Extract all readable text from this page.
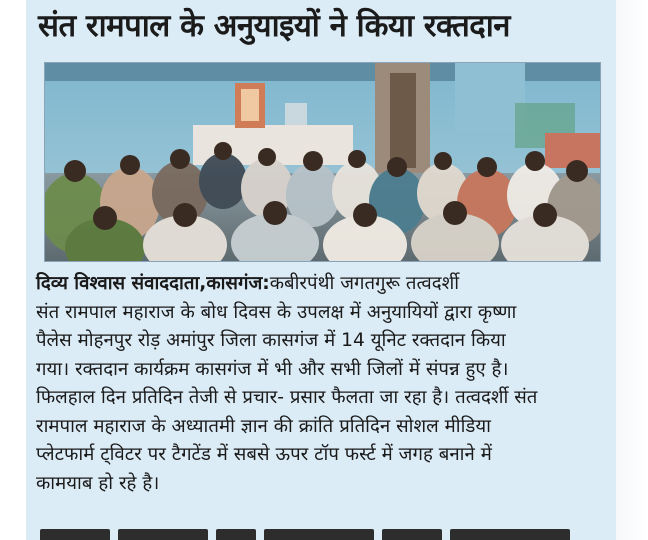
संत रामपाल के अनुयाइयों ने किया रक्तदान

दिव्य विश्वास संवाददाता,कासगंज:कबीरपंथी जगतगुरू तत्वदर्शी

संत रामपाल महाराज के बोध दिवस के उपलक्ष में अनुयायियों द्वारा कृष्णा

पैलेस मोहनपुर रोड़ अमांपुर जिला कासगंज में 14 यूनिट रक्तदान किया

गया। रक्तदान कार्यक्रम कासगंज में भी और सभी जिलों में संपन्न हुए है।

फिलहाल दिन प्रतिदिन तेजी से प्रचार- प्रसार फैलता जा रहा है। तत्वदर्शी संत

रामपाल महाराज के अध्यातमी ज्ञान की क्रांति प्रतिदिन सोशल मीडिया

प्लेटफार्म ट्विटर पर टैगटेंड में सबसे ऊपर टॉप फर्स्ट में जगह बनाने में

कामयाब हो रहे है।
